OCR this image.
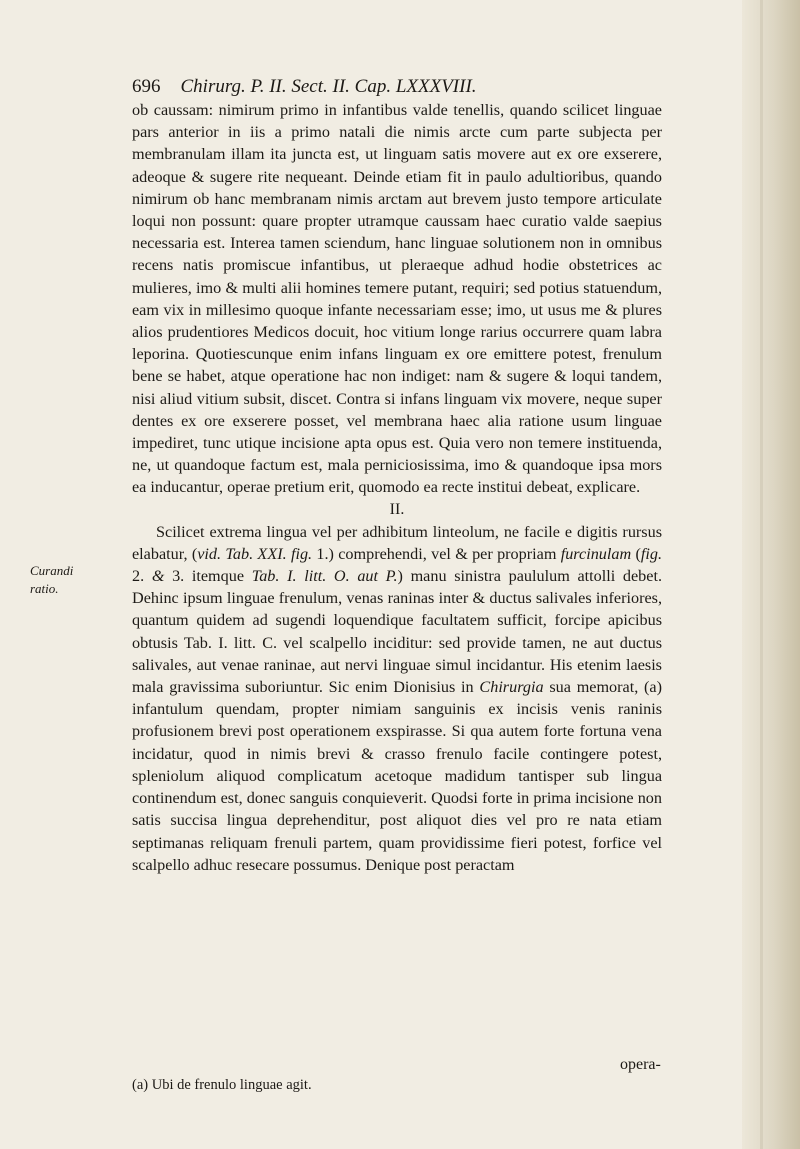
696 Chirurg. P. II. Sect. II. Cap. LXXXVIII.
Curandi ratio.

ob caussam: nimirum primo in infantibus valde tenellis, quando scilicet linguae pars anterior in iis a primo natali die nimis arcte cum parte subjecta per membranulam illam ita juncta est, ut linguam satis movere aut ex ore exserere, adeoque & sugere rite nequeant. Deinde etiam fit in paulo adultioribus, quando nimirum ob hanc membranam nimis arctam aut brevem justo tempore articulate loqui non possunt: quare propter utramque caussam haec curatio valde saepius necessaria est. Interea tamen sciendum, hanc linguae solutionem non in omnibus recens natis promiscue infantibus, ut pleraeque adhud hodie obstetrices ac mulieres, imo & multi alii homines temere putant, requiri; sed potius statuendum, eam vix in millesimo quoque infante necessariam esse; imo, ut usus me & plures alios prudentiores Medicos docuit, hoc vitium longe rarius occurrere quam labra leporina. Quotiescunque enim infans linguam ex ore emittere potest, frenulum bene se habet, atque operatione hac non indiget: nam & sugere & loqui tandem, nisi aliud vitium subsit, discet. Contra si infans linguam vix movere, neque super dentes ex ore exserere posset, vel membrana haec alia ratione usum linguae impediret, tunc utique incisione apta opus est. Quia vero non temere instituenda, ne, ut quandoque factum est, mala perniciosissima, imo & quandoque ipsa mors ea inducantur, operae pretium erit, quomodo ea recte institui debeat, explicare.

II.

Scilicet extrema lingua vel per adhibitum linteolum, ne facile e digitis rursus elabatur, (vid. Tab. XXI. fig. 1.) comprehendi, vel & per propriam furcinulam (fig. 2. & 3. itemque Tab. I. litt. O. aut P.) manu sinistra paululum attolli debet. Dehinc ipsum linguae frenulum, venas raninas inter & ductus salivales inferiores, quantum quidem ad sugendi loquendique facultatem sufficit, forcipe apicibus obtusis Tab. I. litt. C. vel scalpello inciditur: sed provide tamen, ne aut ductus salivales, aut venae raninae, aut nervi linguae simul incidantur. His etenim laesis mala gravissima suboriuntur. Sic enim Dionisius in Chirurgia sua memorat, (a) infantulum quendam, propter nimiam sanguinis ex incisis venis raninis profusionem brevi post operationem exspirasse. Si qua autem forte fortuna vena incidatur, quod in nimis brevi & crasso frenulo facile contingere potest, spleniolum aliquod complicatum acetoque madidum tantisper sub lingua continendum est, donec sanguis conquieverit. Quodsi forte in prima incisione non satis succisa lingua deprehenditur, post aliquot dies vel pro re nata etiam septimanas reliquam frenuli partem, quam providissime fieri potest, forfice vel scalpello adhuc resecare possumus. Denique post peractam

opera-
(a) Ubi de frenulo linguae agit.
